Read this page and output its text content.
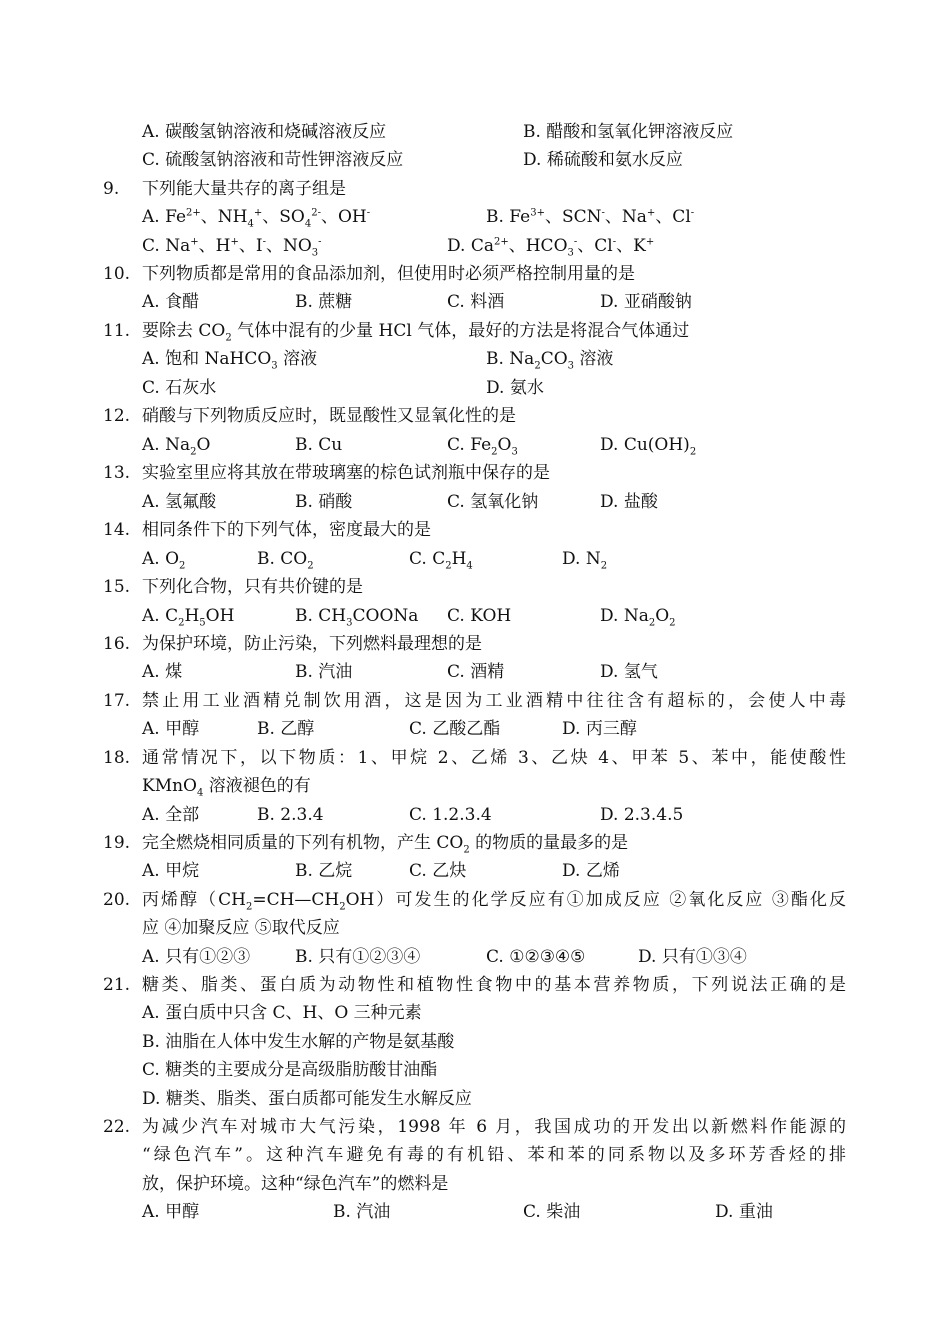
A. 碳酸氢钠溶液和烧碱溶液反应	B. 醋酸和氢氧化钾溶液反应
C. 硫酸氢钠溶液和苛性钾溶液反应	D. 稀硫酸和氨水反应
9. 下列能大量共存的离子组是
A. $Fe^{2+}$、$NH_4^+$、$SO_4^{2-}$、OH-	B. $Fe^{3+}$、SCN-、Na+、Cl-
C. Na+、H+、I-、$NO_3^-$	D. $Ca^{2+}$、$HCO_3^-$、Cl-、K+
10. 下列物质都是常用的食品添加剂，但使用时必须严格控制用量的是
A. 食醋	B. 蔗糖	C. 料酒	D. 亚硝酸钠
11. 要除去 $CO_2$ 气体中混有的少量 HCl 气体，最好的方法是将混合气体通过
A. 饱和 NaHCO$_3$ 溶液	B. $Na_2CO_3$ 溶液
C. 石灰水	D. 氨水
12. 硝酸与下列物质反应时，既显酸性又显氧化性的是
A. $Na_2O$	B. Cu	C. $Fe_2O_3$	D. $Cu(OH)_2$
13. 实验室里应将其放在带玻璃塞的棕色试剂瓶中保存的是
A. 氢氟酸	B. 硝酸	C. 氢氧化钠	D. 盐酸
14. 相同条件下的下列气体，密度最大的是
A. $O_2$	B. $CO_2$	C. $C_2H_4$	D. $N_2$
15. 下列化合物，只有共价键的是
A. $C_2H_5OH$	B. $CH_3COONa$ C. KOH	D. $Na_2O_2$
16. 为保护环境，防止污染，下列燃料最理想的是
A. 煤	B. 汽油	C. 酒精	D. 氢气
17. 禁止用工业酒精兑制饮用酒，这是因为工业酒精中往往含有超标的，会使人中毒
A. 甲醇	B. 乙醇	C. 乙酸乙酯	D. 丙三醇
18. 通常情况下，以下物质：1、甲烷 2、乙烯 3、乙炔 4、甲苯 5、苯中，能使酸性
KMnO$_4$ 溶液褪色的有
A. 全部	B. 2.3.4	C. 1.2.3.4	D. 2.3.4.5
19. 完全燃烧相同质量的下列有机物，产生 $CO_2$ 的物质的量最多的是
A. 甲烷	B. 乙烷	C. 乙炔	D. 乙烯
20. 丙烯醇$(CH_2=CH—CH_2OH)$可发生的化学反应有①加成反应 ②氧化反应 ③酯化反
应 ④加聚反应 ⑤取代反应
A. 只有①②③	B. 只有①②③④	C. ①②③④⑤	D. 只有①③④
21. 糖类、脂类、蛋白质为动物性和植物性食物中的基本营养物质，下列说法正确的是
A. 蛋白质中只含 C、H、O 三种元素
B. 油脂在人体中发生水解的产物是氨基酸
C. 糖类的主要成分是高级脂肪酸甘油酯
D. 糖类、脂类、蛋白质都可能发生水解反应
22. 为减少汽车对城市大气污染，1998 年 6 月，我国成功的开发出以新燃料作能源的
“绿色汽车”。这种汽车避免有毒的有机铅、苯和苯的同系物以及多环芳香烃的排
放，保护环境。这种“绿色汽车”的燃料是
A. 甲醇	B. 汽油	C. 柴油	D. 重油
